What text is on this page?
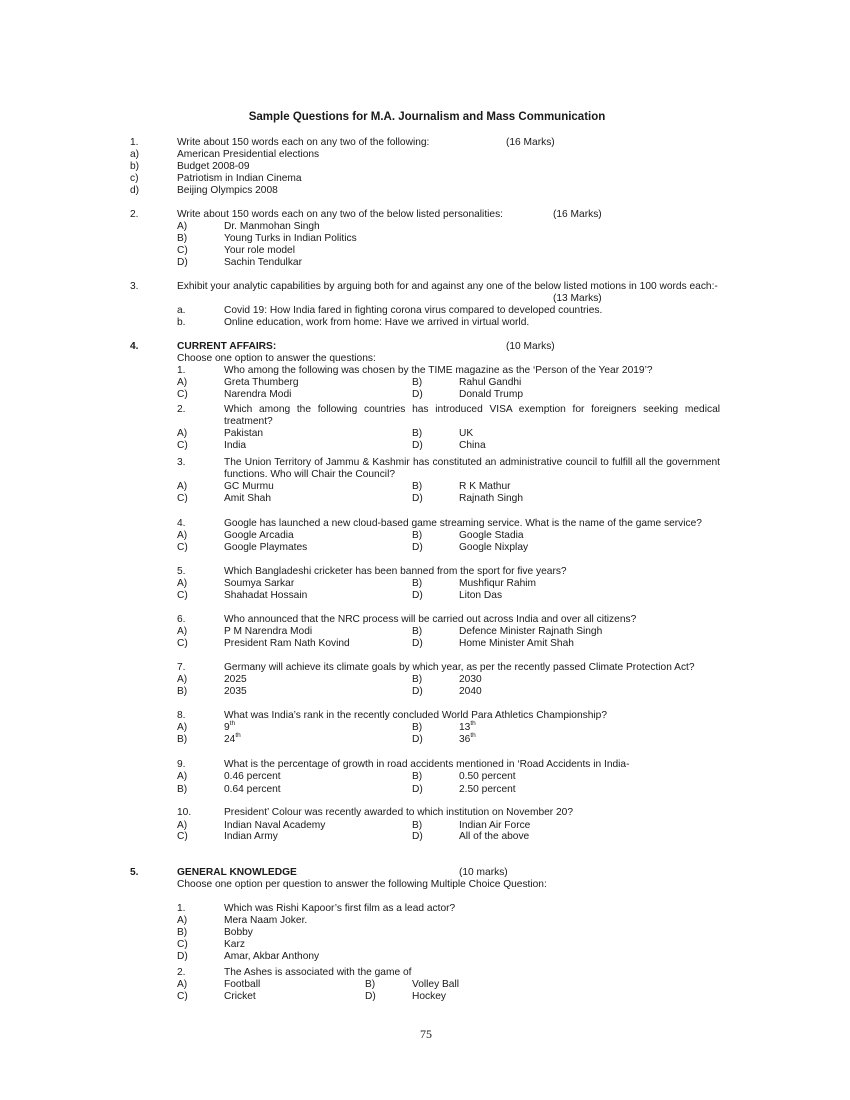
Sample Questions for M.A. Journalism and Mass Communication
1.	Write about 150 words each on any two of the following:	(16 Marks)
a)	American Presidential elections
b)	Budget 2008-09
c)	Patriotism in Indian Cinema
d)	Beijing Olympics 2008
2.	Write about 150 words each on any two of the below listed personalities:	(16 Marks)
A)	Dr. Manmohan Singh
B)	Young Turks in Indian Politics
C)	Your role model
D)	Sachin Tendulkar
3.	Exhibit your analytic capabilities by arguing both for and against any one of the below listed motions in 100 words each:-
(13 Marks)
a.	Covid 19: How India fared in fighting corona virus compared to developed countries.
b.	Online education, work from home: Have we arrived in virtual world.
4.	CURRENT AFFAIRS:	(10 Marks)
Choose one option to answer the questions:
1.	Who among the following was chosen by the TIME magazine as the ‘Person of the Year 2019’?
A)	Greta Thumberg	B)	Rahul Gandhi
C)	Narendra Modi	D)	Donald Trump
2.	Which among the following countries has introduced VISA exemption for foreigners seeking medical treatment?
A)	Pakistan	B)	UK
C)	India	D)	China
3.	The Union Territory of Jammu & Kashmir has constituted an administrative council to fulfill all the government functions. Who will Chair the Council?
A)	GC Murmu	B)	R K Mathur
C)	Amit Shah	D)	Rajnath Singh
4.	Google has launched a new cloud-based game streaming service. What is the name of the game service?
A)	Google Arcadia	B)	Google Stadia
C)	Google Playmates	D)	Google Nixplay
5.	Which Bangladeshi cricketer has been banned from the sport for five years?
A)	Soumya Sarkar	B)	Mushfiqur Rahim
C)	Shahadat Hossain	D)	Liton Das
6.	Who announced that the NRC process will be carried out across India and over all citizens?
A)	P M Narendra Modi	B)	Defence Minister Rajnath Singh
C)	President Ram Nath Kovind	D)	Home Minister Amit Shah
7.	Germany will achieve its climate goals by which year, as per the recently passed Climate Protection Act?
A)	2025	B)	2030
B)	2035	D)	2040
8.	What was India’s rank in the recently concluded World Para Athletics Championship?
A)	9th	B)	13th
B)	24th	D)	36th
9.	What is the percentage of growth in road accidents mentioned in ‘Road Accidents in India-
A)	0.46 percent	B)	0.50 percent
B)	0.64 percent	D)	2.50 percent
10.	President’ Colour was recently awarded to which institution on November 20?
A)	Indian Naval Academy	B)	Indian Air Force
C)	Indian Army	D)	All of the above
5.	GENERAL KNOWLEDGE	(10 marks)
Choose one option per question to answer the following Multiple Choice Question:
1.	Which was Rishi Kapoor’s first film as a lead actor?
A)	Mera Naam Joker.
B)	Bobby
C)	Karz
D)	Amar, Akbar Anthony
2.	The Ashes is associated with the game of
A)	Football	B)	Volley Ball
C)	Cricket	D)	Hockey
75
